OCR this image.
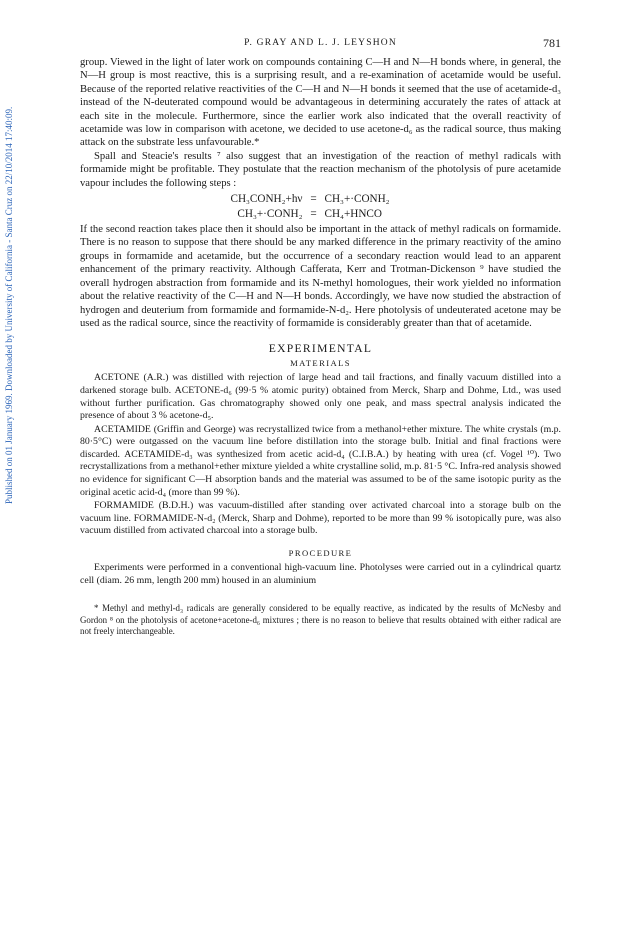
Published on 01 January 1969. Downloaded by University of California - Santa Cruz on 22/10/2014 17:40:09.
P. GRAY AND L. J. LEYSHON	781

group. Viewed in the light of later work on compounds containing C—H and N—H bonds where, in general, the N—H group is most reactive, this is a surprising result, and a re-examination of acetamide would be useful. Because of the reported relative reactivities of the C—H and N—H bonds it seemed that the use of acetamide-d₃ instead of the N-deuterated compound would be advantageous in determining accurately the rates of attack at each site in the molecule. Furthermore, since the earlier work also indicated that the overall reactivity of acetamide was low in comparison with acetone, we decided to use acetone-d₆ as the radical source, thus making attack on the substrate less unfavourable.*

Spall and Steacie's results ⁷ also suggest that an investigation of the reaction of methyl radicals with formamide might be profitable. They postulate that the reaction mechanism of the photolysis of pure acetamide vapour includes the following steps :

CH₃CONH₂+hν = CH₃+·CONH₂
CH₃+·CONH₂ = CH₄+HNCO

If the second reaction takes place then it should also be important in the attack of methyl radicals on formamide. There is no reason to suppose that there should be any marked difference in the primary reactivity of the amino groups in formamide and acetamide, but the occurrence of a secondary reaction would lead to an apparent enhancement of the primary reactivity. Although Cafferata, Kerr and Trotman-Dickenson ⁹ have studied the overall hydrogen abstraction from formamide and its N-methyl homologues, their work yielded no information about the relative reactivity of the C—H and N—H bonds. Accordingly, we have now studied the abstraction of hydrogen and deuterium from formamide and formamide-N-d₂. Here photolysis of undeuterated acetone may be used as the radical source, since the reactivity of formamide is considerably greater than that of acetamide.

EXPERIMENTAL
MATERIALS

ACETONE (A.R.) was distilled with rejection of large head and tail fractions, and finally vacuum distilled into a darkened storage bulb. ACETONE-d₆ (99·5 % atomic purity) obtained from Merck, Sharp and Dohme, Ltd., was used without further purification. Gas chromatography showed only one peak, and mass spectral analysis indicated the presence of about 3 % acetone-d₅.

ACETAMIDE (Griffin and George) was recrystallized twice from a methanol+ether mixture. The white crystals (m.p. 80·5°C) were outgassed on the vacuum line before distillation into the storage bulb. Initial and final fractions were discarded. ACETAMIDE-d₃ was synthesized from acetic acid-d₄ (C.I.B.A.) by heating with urea (cf. Vogel ¹⁰). Two recrystallizations from a methanol+ether mixture yielded a white crystalline solid, m.p. 81·5 °C. Infra-red analysis showed no evidence for significant C—H absorption bands and the material was assumed to be of the same isotopic purity as the original acetic acid-d₄ (more than 99 %).

FORMAMIDE (B.D.H.) was vacuum-distilled after standing over activated charcoal into a storage bulb on the vacuum line. FORMAMIDE-N-d₂ (Merck, Sharp and Dohme), reported to be more than 99 % isotopically pure, was also vacuum distilled from activated charcoal into a storage bulb.

PROCEDURE

Experiments were performed in a conventional high-vacuum line. Photolyses were carried out in a cylindrical quartz cell (diam. 26 mm, length 200 mm) housed in an aluminium

* Methyl and methyl-d₃ radicals are generally considered to be equally reactive, as indicated by the results of McNesby and Gordon ⁸ on the photolysis of acetone+acetone-d₆ mixtures ; there is no reason to believe that results obtained with either radical are not freely interchangeable.
